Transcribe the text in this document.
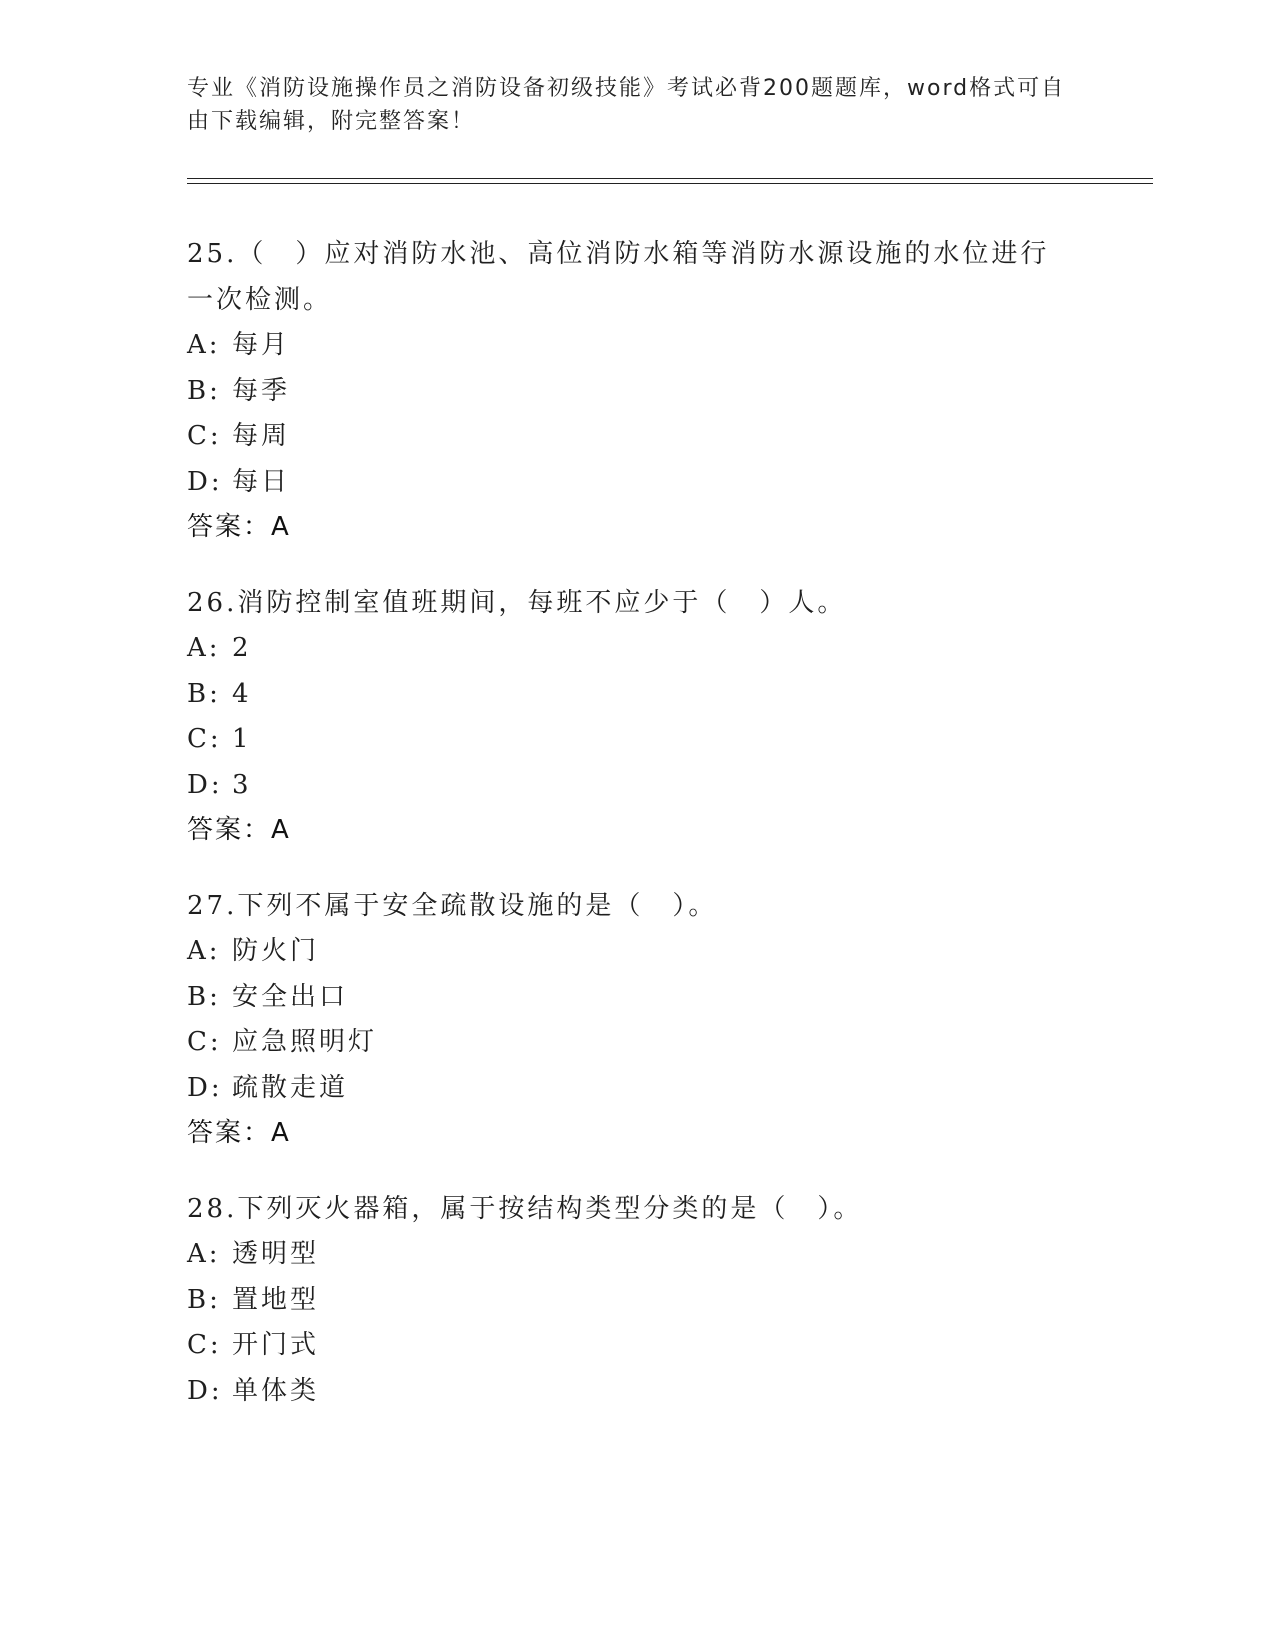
专业《消防设施操作员之消防设备初级技能》考试必背200题题库，word格式可自由下载编辑，附完整答案！
25.（　）应对消防水池、高位消防水箱等消防水源设施的水位进行一次检测。
A: 每月
B: 每季
C: 每周
D: 每日
答案：A
26.消防控制室值班期间，每班不应少于（　）人。
A: 2
B: 4
C: 1
D: 3
答案：A
27.下列不属于安全疏散设施的是（　）。
A: 防火门
B: 安全出口
C: 应急照明灯
D: 疏散走道
答案：A
28.下列灭火器箱，属于按结构类型分类的是（　）。
A: 透明型
B: 置地型
C: 开门式
D: 单体类
